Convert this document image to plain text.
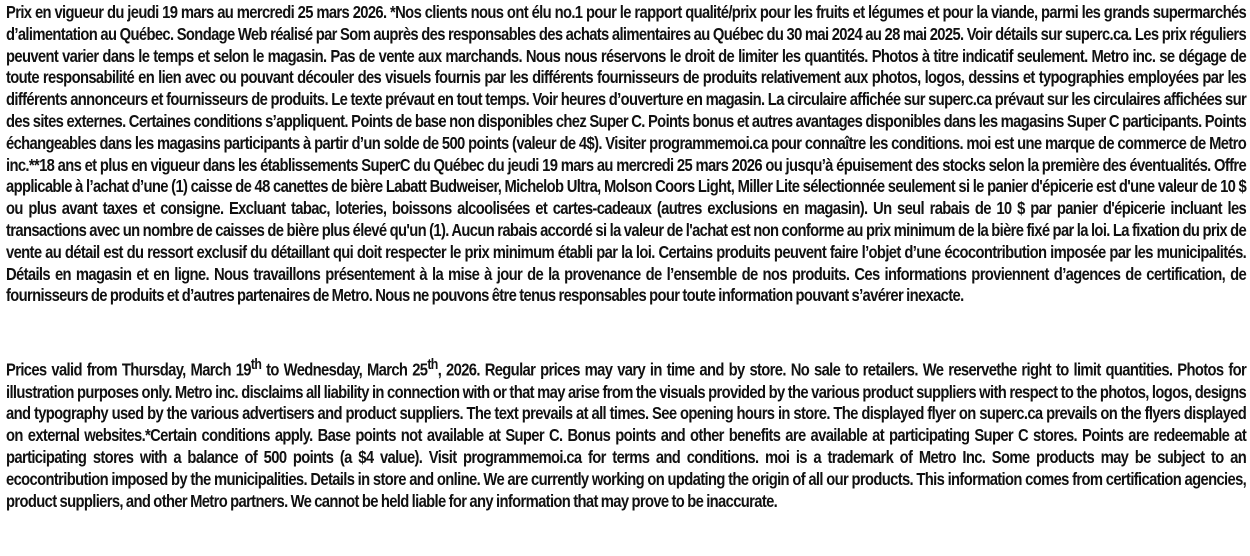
Prix en vigueur du jeudi 19 mars au mercredi 25 mars 2026. *Nos clients nous ont élu no.1 pour le rapport qualité/prix pour les fruits et légumes et pour la viande, parmi les grands supermarchés d’alimentation au Québec. Sondage Web réalisé par Som auprès des responsables des achats alimentaires au Québec du 30 mai 2024 au 28 mai 2025. Voir détails sur superc.ca. Les prix réguliers peuvent varier dans le temps et selon le magasin. Pas de vente aux marchands. Nous nous réservons le droit de limiter les quantités. Photos à titre indicatif seulement. Metro inc. se dégage de toute responsabilité en lien avec ou pouvant découler des visuels fournis par les différents fournisseurs de produits relativement aux photos, logos, dessins et typographies employées par les différents annonceurs et fournisseurs de produits. Le texte prévaut en tout temps. Voir heures d’ouverture en magasin. La circulaire affichée sur superc.ca prévaut sur les circulaires affichées sur des sites externes. Certaines conditions s’appliquent. Points de base non disponibles chez Super C. Points bonus et autres avantages disponibles dans les magasins Super C participants. Points échangeables dans les magasins participants à partir d’un solde de 500 points (valeur de 4$). Visiter programmemoi.ca pour connaître les conditions. moi est une marque de commerce de Metro inc.**18 ans et plus en vigueur dans les établissements SuperC du Québec du jeudi 19 mars au mercredi 25 mars 2026 ou jusqu’à épuisement des stocks selon la première des éventualités. Offre applicable à l’achat d’une (1) caisse de 48 canettes de bière Labatt Budweiser, Michelob Ultra, Molson Coors Light, Miller Lite sélectionnée seulement si le panier d'épicerie est d'une valeur de 10 $ ou plus avant taxes et consigne. Excluant tabac, loteries, boissons alcoolisées et cartes-cadeaux (autres exclusions en magasin). Un seul rabais de 10 $ par panier d'épicerie incluant les transactions avec un nombre de caisses de bière plus élevé qu'un (1). Aucun rabais accordé si la valeur de l'achat est non conforme au prix minimum de la bière fixé par la loi. La fixation du prix de vente au détail est du ressort exclusif du détaillant qui doit respecter le prix minimum établi par la loi. Certains produits peuvent faire l’objet d’une écocontribution imposée par les municipalités. Détails en magasin et en ligne. Nous travaillons présentement à la mise à jour de la provenance de l’ensemble de nos produits. Ces informations proviennent d’agences de certification, de fournisseurs de produits et d’autres partenaires de Metro. Nous ne pouvons être tenus responsables pour toute information pouvant s’avérer inexacte.

Prices valid from Thursday, March 19th to Wednesday, March 25th, 2026. Regular prices may vary in time and by store. No sale to retailers. We reservethe right to limit quantities. Photos for illustration purposes only. Metro inc. disclaims all liability in connection with or that may arise from the visuals provided by the various product suppliers with respect to the photos, logos, designs and typography used by the various advertisers and product suppliers. The text prevails at all times. See opening hours in store. The displayed flyer on superc.ca prevails on the flyers displayed on external websites.*Certain conditions apply. Base points not available at Super C. Bonus points and other benefits are available at participating Super C stores. Points are redeemable at participating stores with a balance of 500 points (a $4 value). Visit programmemoi.ca for terms and conditions. moi is a trademark of Metro Inc. Some products may be subject to an ecocontribution imposed by the municipalities. Details in store and online. We are currently working on updating the origin of all our products. This information comes from certification agencies, product suppliers, and other Metro partners. We cannot be held liable for any information that may prove to be inaccurate.
